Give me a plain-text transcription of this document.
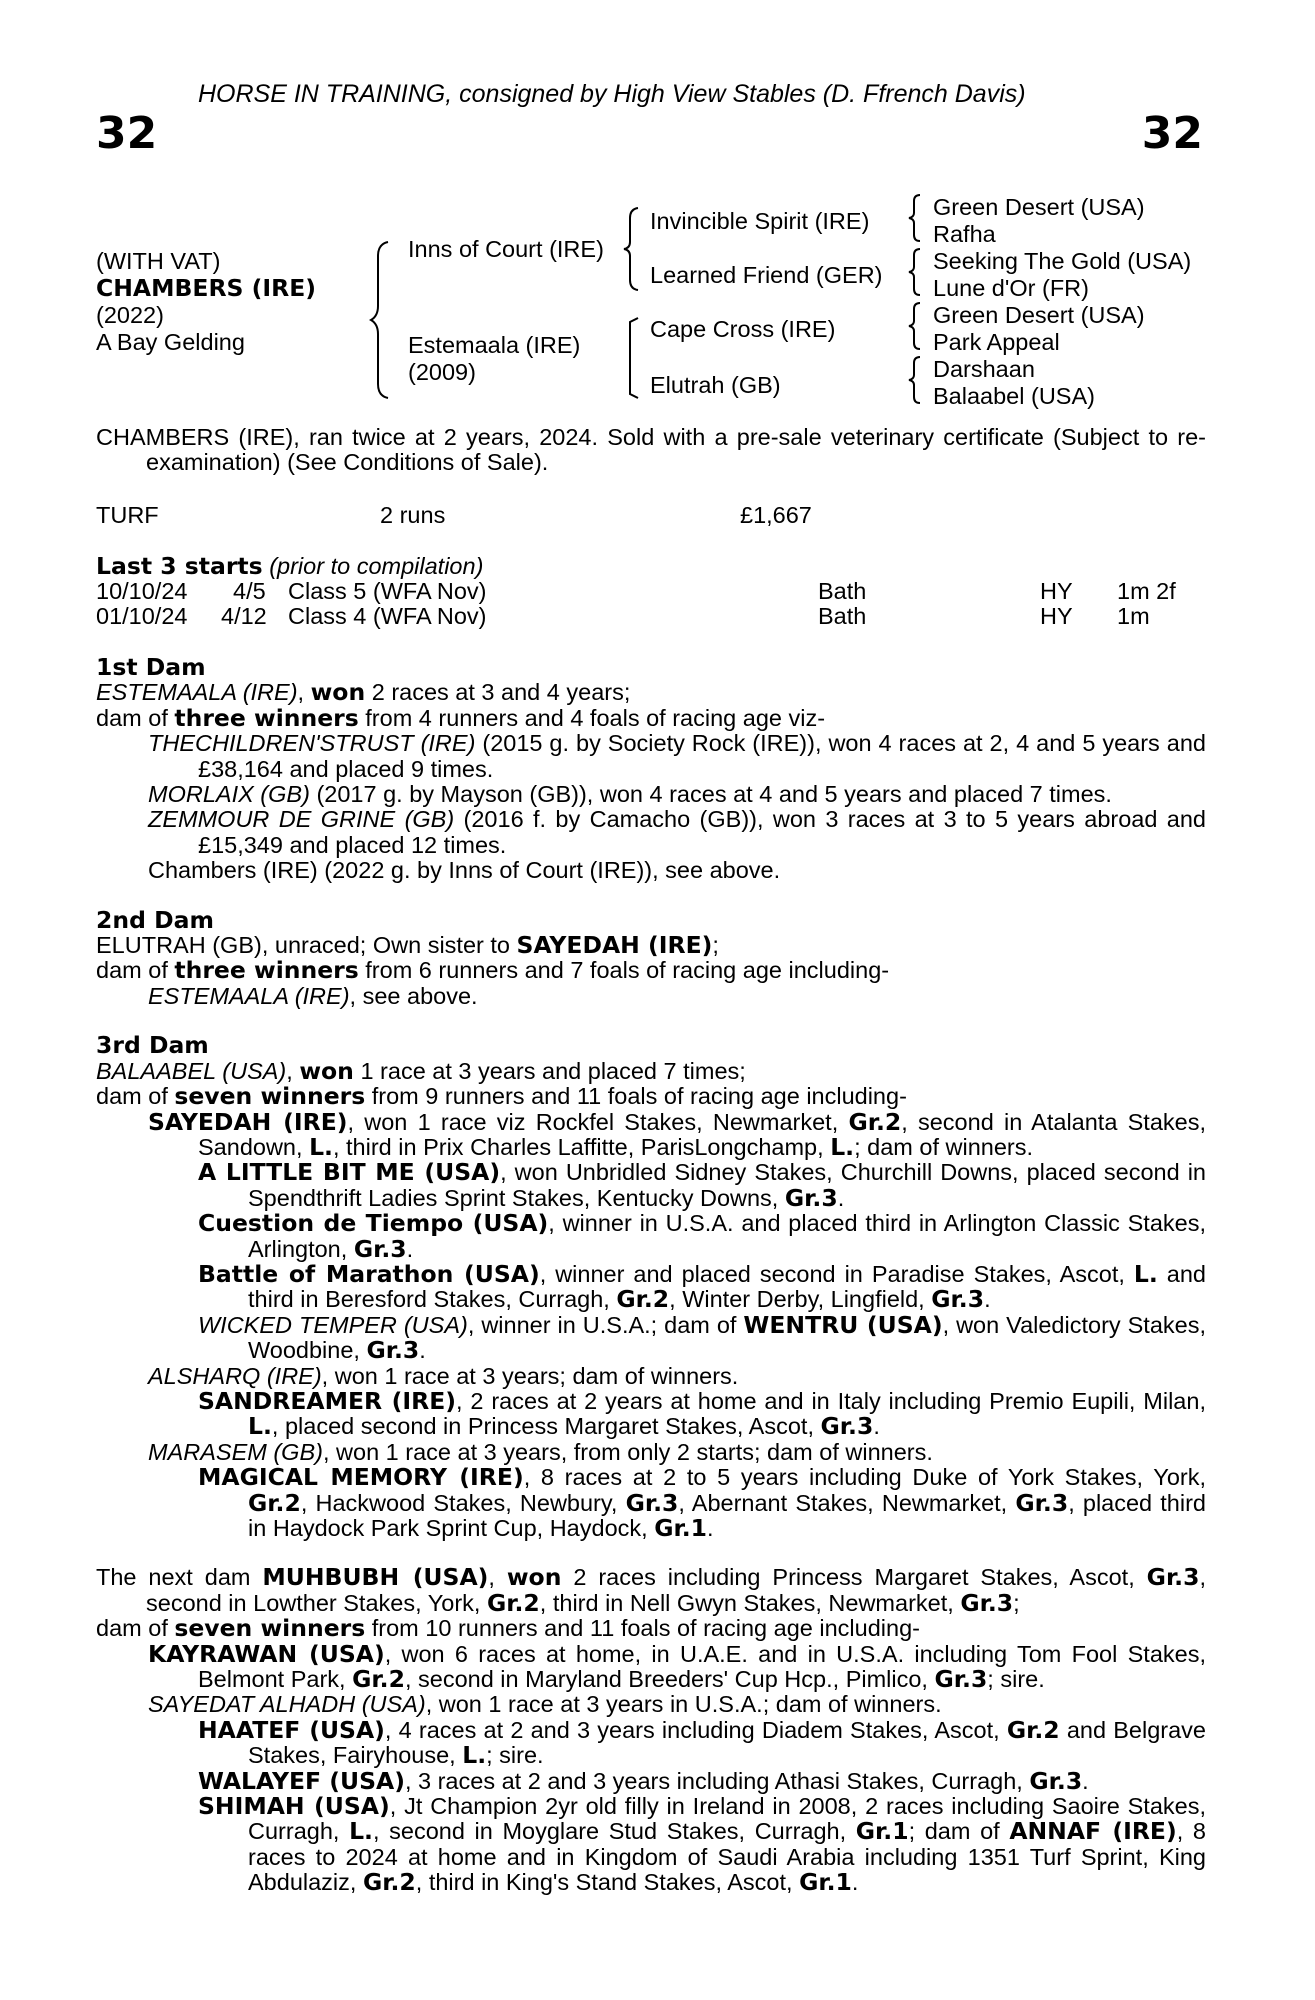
32	32
HORSE IN TRAINING, consigned by High View Stables (D. Ffrench Davis)
(WITH VAT)
CHAMBERS (IRE)
(2022)
A Bay Gelding
Inns of Court (IRE)
Estemaala (IRE)
(2009)
Invincible Spirit (IRE)
Learned Friend (GER)
Cape Cross (IRE)
Elutrah (GB)
Green Desert (USA)
Rafha
Seeking The Gold (USA)
Lune d'Or (FR)
Green Desert (USA)
Park Appeal
Darshaan
Balaabel (USA)

CHAMBERS (IRE), ran twice at 2 years, 2024. Sold with a pre-sale veterinary certificate (Subject to re-examination) (See Conditions of Sale).

TURF	2 runs	£1,667
Last 3 starts (prior to compilation)
10/10/24 4/5 Class 5 (WFA Nov)	Bath	HY 1m 2f
01/10/24 4/12 Class 4 (WFA Nov)	Bath	HY 1m

1st Dam

ESTEMAALA (IRE), won 2 races at 3 and 4 years;

dam of three winners from 4 runners and 4 foals of racing age viz-

THECHILDREN'STRUST (IRE) (2015 g. by Society Rock (IRE)), won 4 races at 2, 4 and 5 years and £38,164 and placed 9 times.

MORLAIX (GB) (2017 g. by Mayson (GB)), won 4 races at 4 and 5 years and placed 7 times.

ZEMMOUR DE GRINE (GB) (2016 f. by Camacho (GB)), won 3 races at 3 to 5 years abroad and £15,349 and placed 12 times.

Chambers (IRE) (2022 g. by Inns of Court (IRE)), see above.

2nd Dam

ELUTRAH (GB), unraced; Own sister to SAYEDAH (IRE);

dam of three winners from 6 runners and 7 foals of racing age including-

ESTEMAALA (IRE), see above.

3rd Dam

BALAABEL (USA), won 1 race at 3 years and placed 7 times;

dam of seven winners from 9 runners and 11 foals of racing age including-

SAYEDAH (IRE), won 1 race viz Rockfel Stakes, Newmarket, Gr.2, second in Atalanta Stakes, Sandown, L., third in Prix Charles Laffitte, ParisLongchamp, L.; dam of winners.

A LITTLE BIT ME (USA), won Unbridled Sidney Stakes, Churchill Downs, placed second in Spendthrift Ladies Sprint Stakes, Kentucky Downs, Gr.3.

Cuestion de Tiempo (USA), winner in U.S.A. and placed third in Arlington Classic Stakes, Arlington, Gr.3.

Battle of Marathon (USA), winner and placed second in Paradise Stakes, Ascot, L. and third in Beresford Stakes, Curragh, Gr.2, Winter Derby, Lingfield, Gr.3.

WICKED TEMPER (USA), winner in U.S.A.; dam of WENTRU (USA), won Valedictory Stakes, Woodbine, Gr.3.

ALSHARQ (IRE), won 1 race at 3 years; dam of winners.

SANDREAMER (IRE), 2 races at 2 years at home and in Italy including Premio Eupili, Milan, L., placed second in Princess Margaret Stakes, Ascot, Gr.3.

MARASEM (GB), won 1 race at 3 years, from only 2 starts; dam of winners.

MAGICAL MEMORY (IRE), 8 races at 2 to 5 years including Duke of York Stakes, York, Gr.2, Hackwood Stakes, Newbury, Gr.3, Abernant Stakes, Newmarket, Gr.3, placed third in Haydock Park Sprint Cup, Haydock, Gr.1.

The next dam MUHBUBH (USA), won 2 races including Princess Margaret Stakes, Ascot, Gr.3, second in Lowther Stakes, York, Gr.2, third in Nell Gwyn Stakes, Newmarket, Gr.3;

dam of seven winners from 10 runners and 11 foals of racing age including-

KAYRAWAN (USA), won 6 races at home, in U.A.E. and in U.S.A. including Tom Fool Stakes, Belmont Park, Gr.2, second in Maryland Breeders' Cup Hcp., Pimlico, Gr.3; sire.

SAYEDAT ALHADH (USA), won 1 race at 3 years in U.S.A.; dam of winners.

HAATEF (USA), 4 races at 2 and 3 years including Diadem Stakes, Ascot, Gr.2 and Belgrave Stakes, Fairyhouse, L.; sire.

WALAYEF (USA), 3 races at 2 and 3 years including Athasi Stakes, Curragh, Gr.3.

SHIMAH (USA), Jt Champion 2yr old filly in Ireland in 2008, 2 races including Saoire Stakes, Curragh, L., second in Moyglare Stud Stakes, Curragh, Gr.1; dam of ANNAF (IRE), 8 races to 2024 at home and in Kingdom of Saudi Arabia including 1351 Turf Sprint, King Abdulaziz, Gr.2, third in King's Stand Stakes, Ascot, Gr.1.
